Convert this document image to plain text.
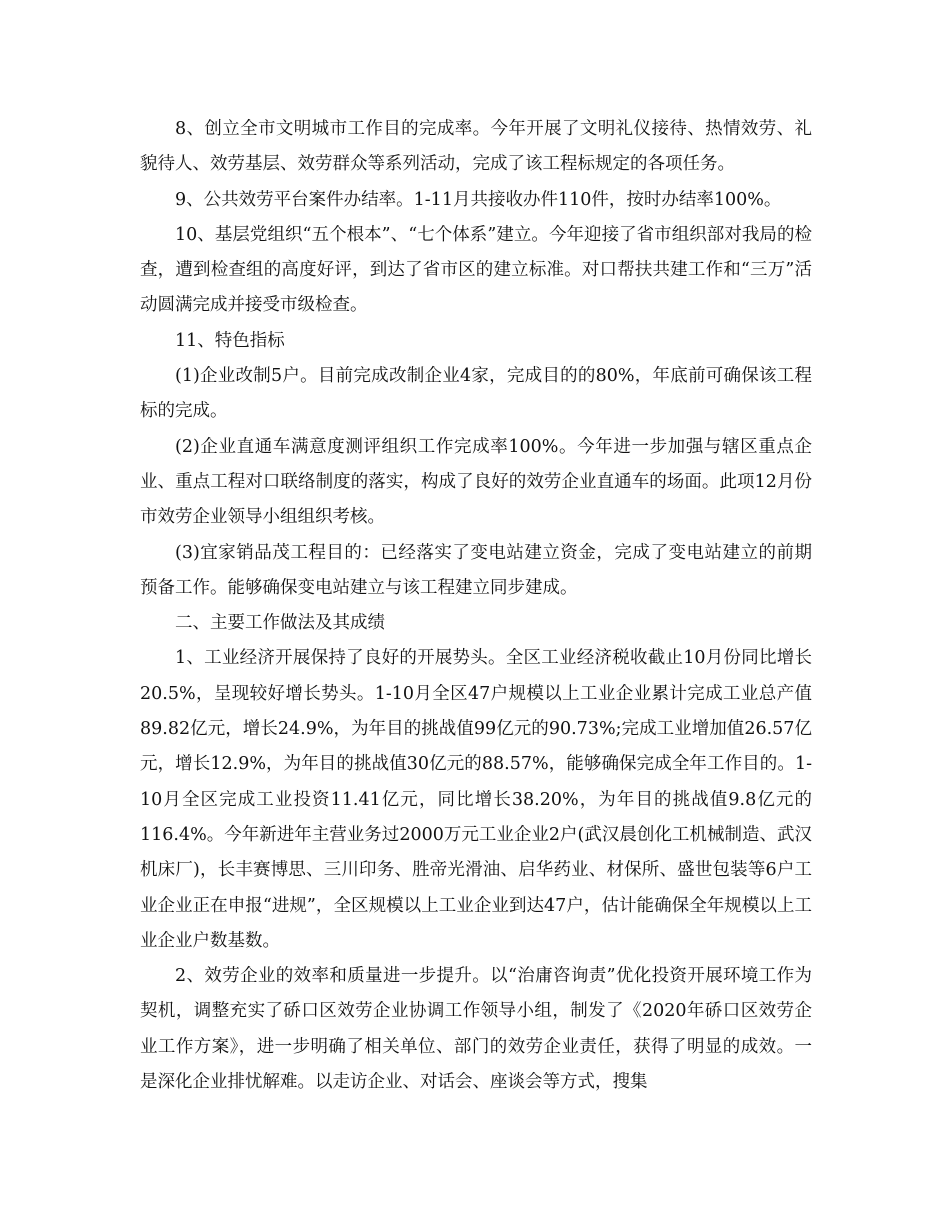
8、创立全市文明城市工作目的完成率。今年开展了文明礼仪接待、热情效劳、礼貌待人、效劳基层、效劳群众等系列活动，完成了该工程标规定的各项任务。

9、公共效劳平台案件办结率。1-11月共接收办件110件，按时办结率100%。

10、基层党组织“五个根本”、“七个体系”建立。今年迎接了省市组织部对我局的检查，遭到检查组的高度好评，到达了省市区的建立标准。对口帮扶共建工作和“三万”活动圆满完成并接受市级检查。

11、特色指标

(1)企业改制5户。目前完成改制企业4家，完成目的的80%，年底前可确保该工程标的完成。

(2)企业直通车满意度测评组织工作完成率100%。今年进一步加强与辖区重点企业、重点工程对口联络制度的落实，构成了良好的效劳企业直通车的场面。此项12月份市效劳企业领导小组组织考核。

(3)宜家销品茂工程目的：已经落实了变电站建立资金，完成了变电站建立的前期预备工作。能够确保变电站建立与该工程建立同步建成。

二、主要工作做法及其成绩

1、工业经济开展保持了良好的开展势头。全区工业经济税收截止10月份同比增长20.5%，呈现较好增长势头。1-10月全区47户规模以上工业企业累计完成工业总产值89.82亿元，增长24.9%，为年目的挑战值99亿元的90.73%;完成工业增加值26.57亿元，增长12.9%，为年目的挑战值30亿元的88.57%，能够确保完成全年工作目的。1-10月全区完成工业投资11.41亿元，同比增长38.20%，为年目的挑战值9.8亿元的116.4%。今年新进年主营业务过2000万元工业企业2户(武汉晨创化工机械制造、武汉机床厂)，长丰赛博思、三川印务、胜帝光滑油、启华药业、材保所、盛世包装等6户工业企业正在申报“进规”，全区规模以上工业企业到达47户，估计能确保全年规模以上工业企业户数基数。

2、效劳企业的效率和质量进一步提升。以“治庸咨询责”优化投资开展环境工作为契机，调整充实了硚口区效劳企业协调工作领导小组，制发了《2020年硚口区效劳企业工作方案》，进一步明确了相关单位、部门的效劳企业责任，获得了明显的成效。一是深化企业排忧解难。以走访企业、对话会、座谈会等方式，搜集
